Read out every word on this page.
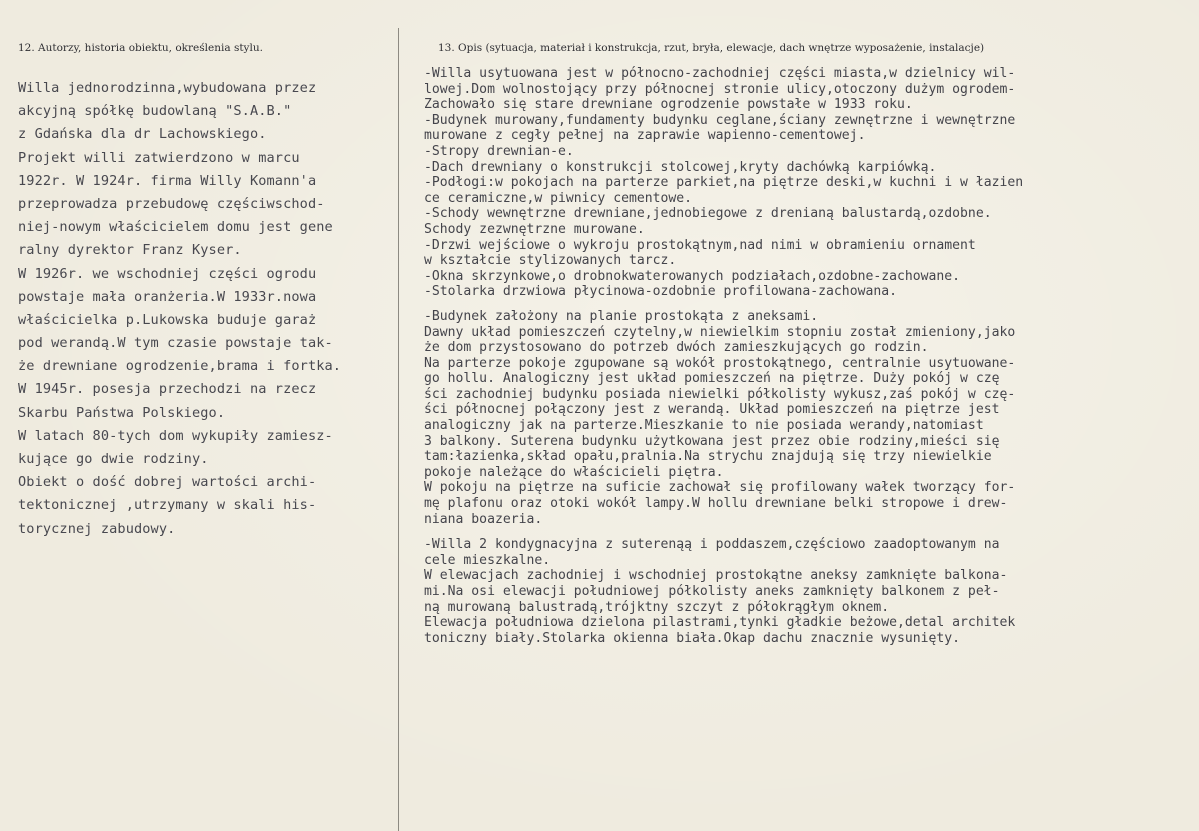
12. Autorzy, historia obiektu, określenia stylu.	13. Opis (sytuacja, materiał i konstrukcja, rzut, bryła, elewacje, dach wnętrze wyposażenie, instalacje)
Willa jednorodzinna,wybudowana przez
akcyjną spółkę budowlaną "S.A.B."
z Gdańska dla dr Lachowskiego.
Projekt willi zatwierdzono w marcu
1922r. W 1924r. firma Willy Komann'a
przeprowadza przebudowę częściwschod-
niej-nowym właścicielem domu jest gene
ralny dyrektor Franz Kyser.
W 1926r. we wschodniej części ogrodu
powstaje mała oranżeria.W 1933r.nowa
właścicielka p.Lukowska buduje garaż
pod werandą.W tym czasie powstaje tak-
że drewniane ogrodzenie,brama i fortka.
W 1945r. posesja przechodzi na rzecz
Skarbu Państwa Polskiego.
W latach 80-tych dom wykupiły zamiesz-
kujące go dwie rodziny.
Obiekt o dość dobrej wartości archi-
tektonicznej ,utrzymany w skali his-
torycznej zabudowy.
-Willa usytuowana jest w północno-zachodniej części miasta,w dzielnicy wil-
lowej.Dom wolnostojący przy północnej stronie ulicy,otoczony dużym ogrodem-
Zachowało się stare drewniane ogrodzenie powstałe w 1933 roku.
-Budynek murowany,fundamenty budynku ceglane,ściany zewnętrzne i wewnętrzne
murowane z cegły pełnej na zaprawie wapienno-cementowej.
-Stropy drewnian-e.
-Dach drewniany o konstrukcji stolcowej,kryty dachówką karpiówką.
-Podłogi:w pokojach na parterze parkiet,na piętrze deski,w kuchni i w łazien
ce ceramiczne,w piwnicy cementowe.
-Schody wewnętrzne drewniane,jednobiegowe z drenianą balustardą,ozdobne.
Schody zezwnętrzne murowane.
-Drzwi wejściowe o wykroju prostokątnym,nad nimi w obramieniu ornament
w kształcie stylizowanych tarcz.
-Okna skrzynkowe,o drobnokwaterowanych podziałach,ozdobne-zachowane.
-Stolarka drzwiowa płycinowa-ozdobnie profilowana-zachowana.
-Budynek założony na planie prostokąta z aneksami.
Dawny układ pomieszczeń czytelny,w niewielkim stopniu został zmieniony,jako
że dom przystosowano do potrzeb dwóch zamieszkujących go rodzin.
Na parterze pokoje zgupowane są wokół prostokątnego, centralnie usytuowane-
go hollu. Analogiczny jest układ pomieszczeń na piętrze. Duży pokój w czę
ści zachodniej budynku posiada niewielki półkolisty wykusz,zaś pokój w czę-
ści północnej połączony jest z werandą. Układ pomieszczeń na piętrze jest
analogiczny jak na parterze.Mieszkanie to nie posiada werandy,natomiast
3 balkony. Suterena budynku użytkowana jest przez obie rodziny,mieści się
tam:łazienka,skład opału,pralnia.Na strychu znajdują się trzy niewielkie
pokoje należące do właścicieli piętra.
W pokoju na piętrze na suficie zachował się profilowany wałek tworzący for-
mę plafonu oraz otoki wokół lampy.W hollu drewniane belki stropowe i drew-
niana boazeria.
-Willa 2 kondygnacyjna z suterenąą i poddaszem,częściowo zaadoptowanym na
cele mieszkalne.
W elewacjach zachodniej i wschodniej prostokątne aneksy zamknięte balkona-
mi.Na osi elewacji południowej półkolisty aneks zamknięty balkonem z peł-
ną murowaną balustradą,trójktny szczyt z półokrągłym oknem.
Elewacja południowa dzielona pilastrami,tynki gładkie beżowe,detal architek
toniczny biały.Stolarka okienna biała.Okap dachu znacznie wysunięty.
